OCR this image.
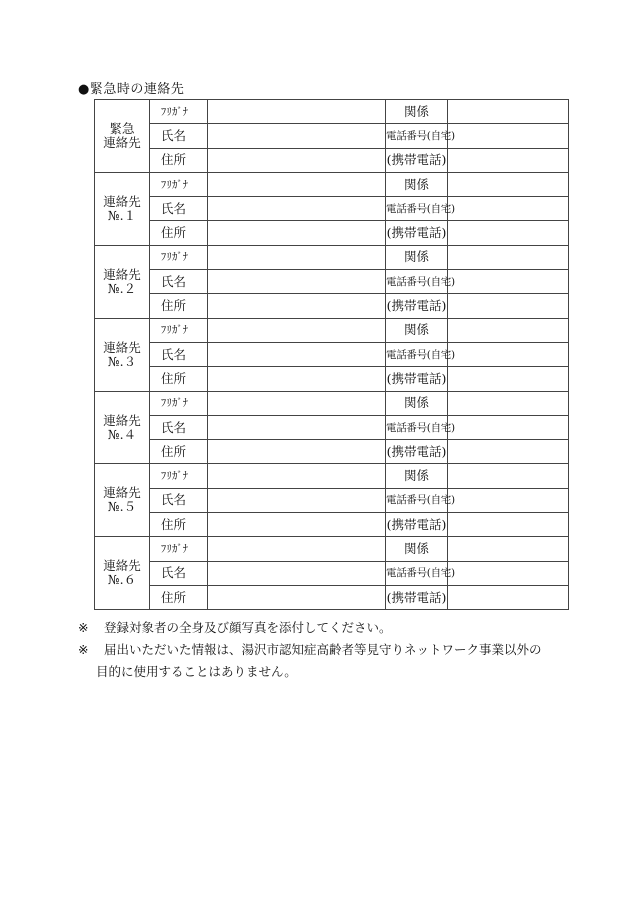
●緊急時の連絡先
緊急
連絡先	ﾌﾘｶﾞﾅ		関係	
	氏名		電話番号(自宅)	
	住所		(携帯電話)	

連絡先
№.１	ﾌﾘｶﾞﾅ		関係	
	氏名		電話番号(自宅)	
	住所		(携帯電話)	

連絡先
№.２	ﾌﾘｶﾞﾅ		関係	
	氏名		電話番号(自宅)	
	住所		(携帯電話)	

連絡先
№.３	ﾌﾘｶﾞﾅ		関係	
	氏名		電話番号(自宅)	
	住所		(携帯電話)	

連絡先
№.４	ﾌﾘｶﾞﾅ		関係	
	氏名		電話番号(自宅)	
	住所		(携帯電話)	

連絡先
№.５	ﾌﾘｶﾞﾅ		関係	
	氏名		電話番号(自宅)	
	住所		(携帯電話)	

連絡先
№.６	ﾌﾘｶﾞﾅ		関係	
	氏名		電話番号(自宅)	
	住所		(携帯電話)	
※	登録対象者の全身及び顔写真を添付してください。
※	届出いただいた情報は、湯沢市認知症高齢者等見守りネットワーク事業以外の
目的に使用することはありません。
